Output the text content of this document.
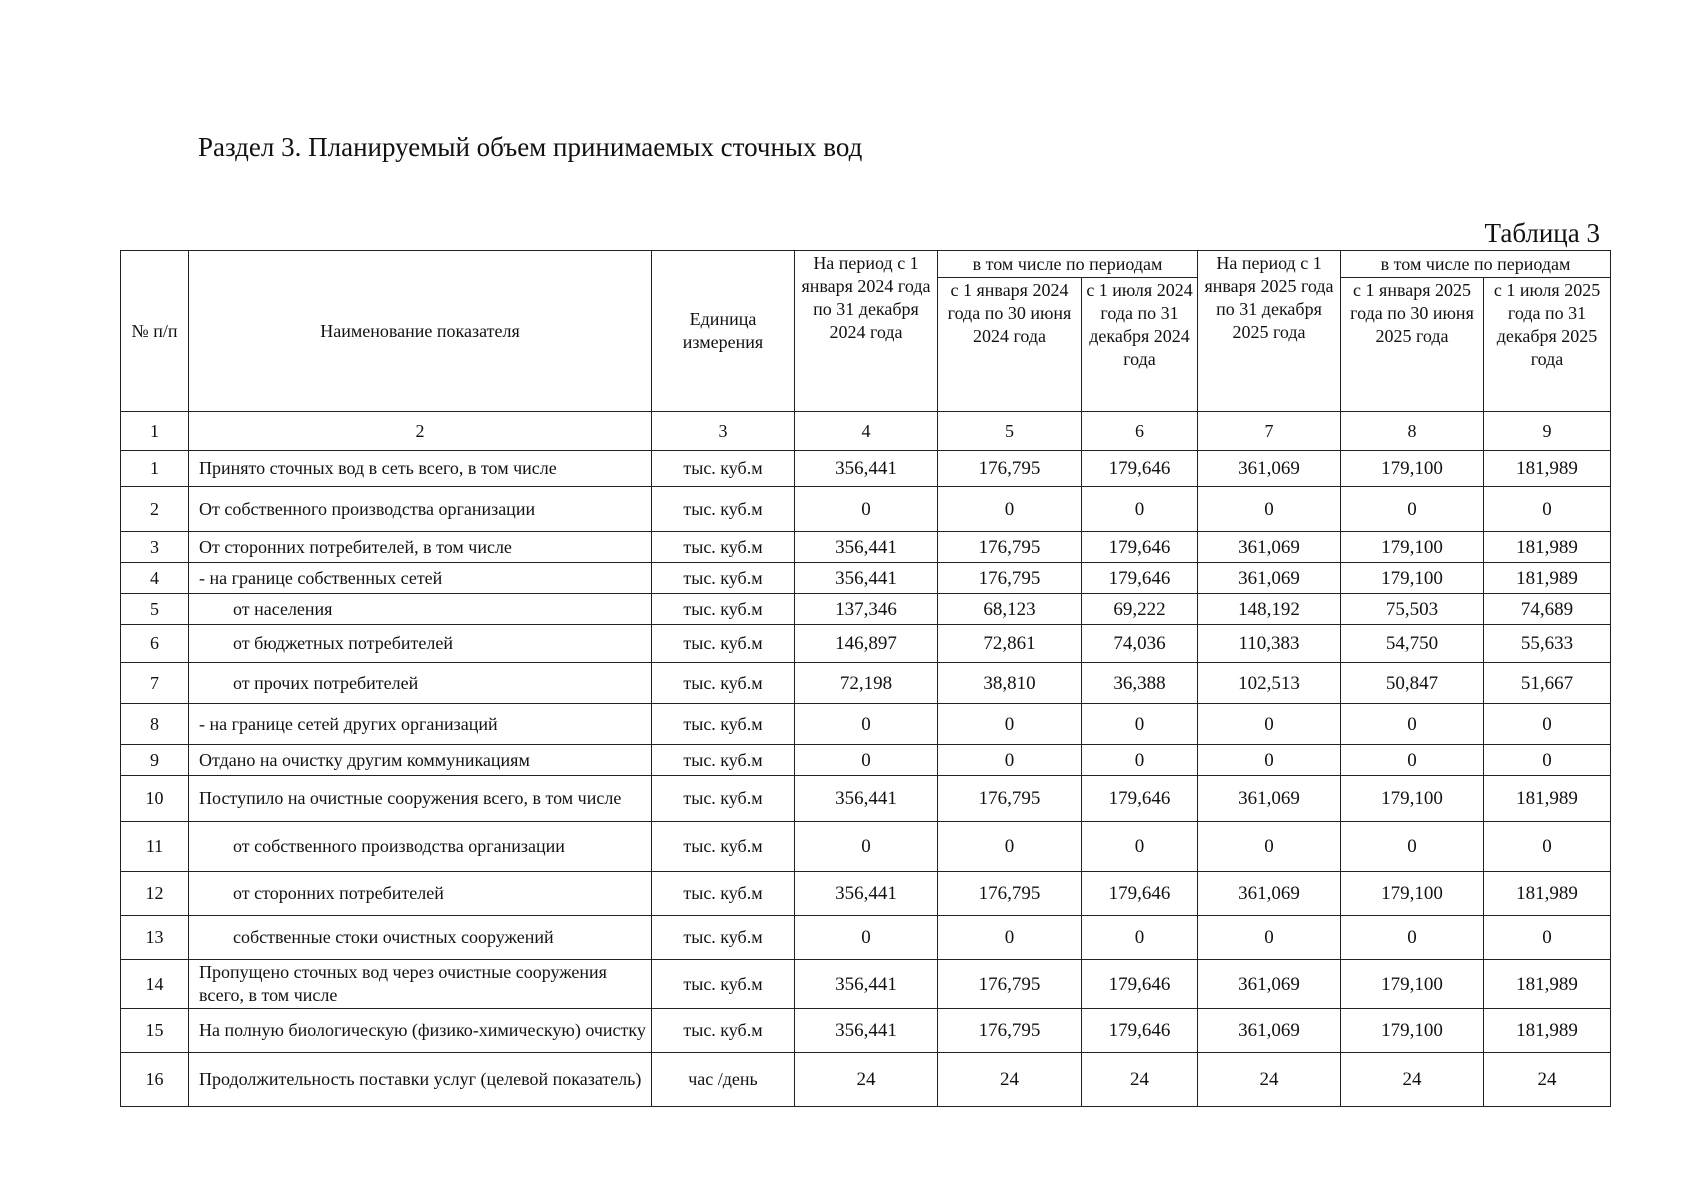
Раздел 3. Планируемый объем принимаемых сточных вод
Таблица 3
№ п/п	Наименование показателя	Единица измерения	На период с 1 января 2024 года по 31 декабря 2024 года	в том числе по периодам		На период с 1 января 2025 года по 31 декабря 2025 года	в том числе по периодам	
				с 1 января 2024 года по 30 июня 2024 года	с 1 июля 2024 года по 31 декабря 2024 года		с 1 января 2025 года по 30 июня 2025 года	с 1 июля 2025 года по 31 декабря 2025 года
1	2	3	4	5	6	7	8	9
1	Принято сточных вод в сеть всего, в том числе	тыс. куб.м	356,441	176,795	179,646	361,069	179,100	181,989
2	От собственного производства организации	тыс. куб.м	0	0	0	0	0	0
3	От сторонних потребителей, в том числе	тыс. куб.м	356,441	176,795	179,646	361,069	179,100	181,989
4	- на границе собственных сетей	тыс. куб.м	356,441	176,795	179,646	361,069	179,100	181,989
5	от населения	тыс. куб.м	137,346	68,123	69,222	148,192	75,503	74,689
6	от бюджетных потребителей	тыс. куб.м	146,897	72,861	74,036	110,383	54,750	55,633
7	от прочих потребителей	тыс. куб.м	72,198	38,810	36,388	102,513	50,847	51,667
8	- на границе сетей других организаций	тыс. куб.м	0	0	0	0	0	0
9	Отдано на очистку другим коммуникациям	тыс. куб.м	0	0	0	0	0	0
10	Поступило на очистные сооружения всего, в том числе	тыс. куб.м	356,441	176,795	179,646	361,069	179,100	181,989
11	от собственного производства организации	тыс. куб.м	0	0	0	0	0	0
12	от сторонних потребителей	тыс. куб.м	356,441	176,795	179,646	361,069	179,100	181,989
13	собственные стоки очистных сооружений	тыс. куб.м	0	0	0	0	0	0
14	Пропущено сточных вод через очистные сооружения всего, в том числе	тыс. куб.м	356,441	176,795	179,646	361,069	179,100	181,989
15	На полную биологическую (физико-химическую) очистку	тыс. куб.м	356,441	176,795	179,646	361,069	179,100	181,989
16	Продолжительность поставки услуг (целевой показатель)	час /день	24	24	24	24	24	24
